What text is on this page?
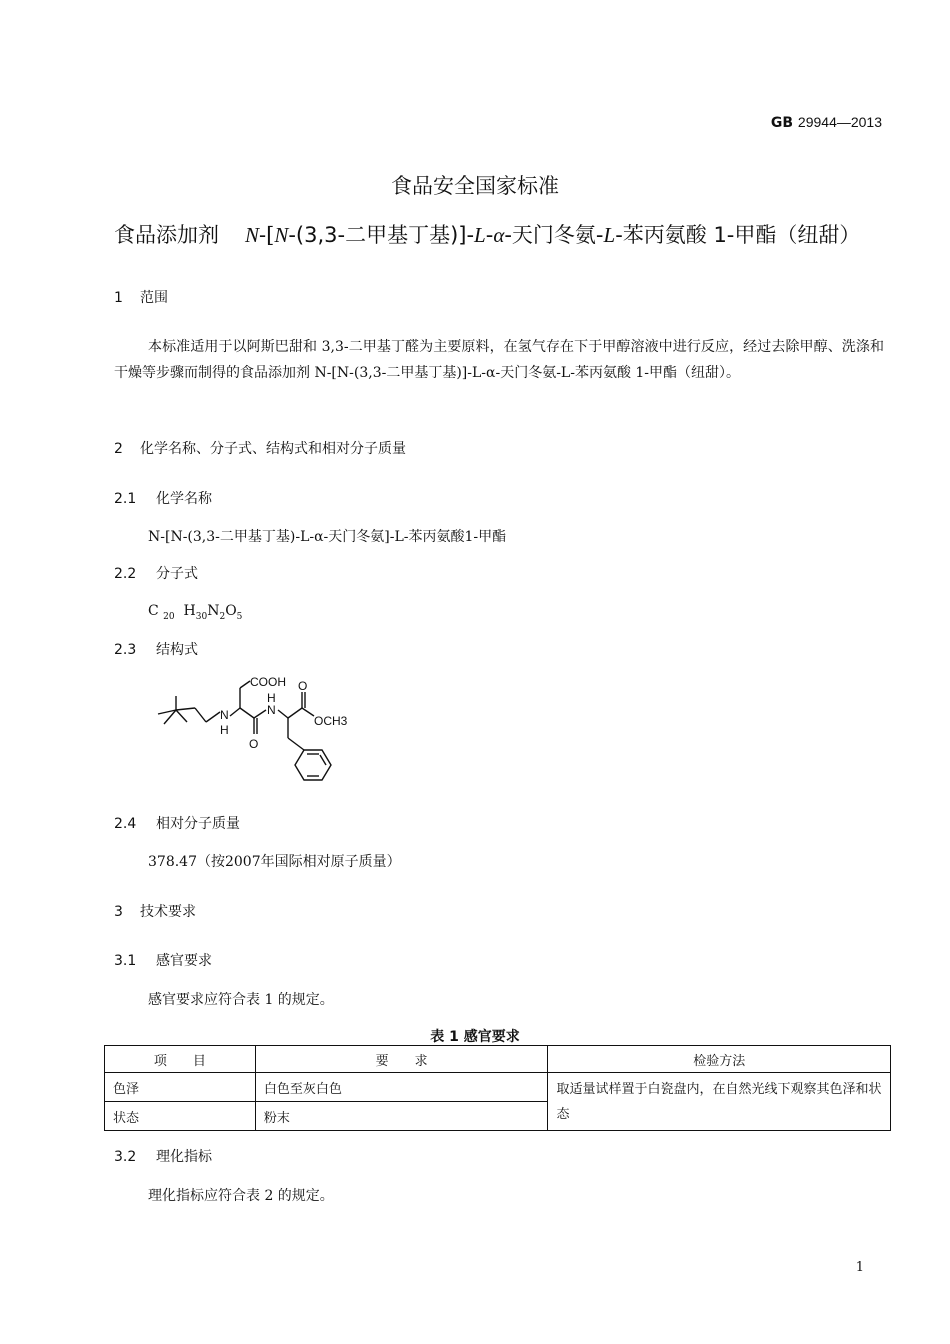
GB 29944—2013
食品安全国家标准
食品添加剂 N-[N-(3,3-二甲基丁基)]-L-α-天门冬氨-L-苯丙氨酸 1-甲酯（纽甜）
1 范围
本标准适用于以阿斯巴甜和 3,3-二甲基丁醛为主要原料，在氢气存在下于甲醇溶液中进行反应，经过去除甲醇、洗涤和干燥等步骤而制得的食品添加剂 N-[N-(3,3-二甲基丁基)]-L-α-天门冬氨-L-苯丙氨酸 1-甲酯（纽甜）。
2 化学名称、分子式、结构式和相对分子质量
2.1 化学名称
N-[N-(3,3-二甲基丁基)-L-α-天门冬氨]-L-苯丙氨酸1-甲酯
2.2 分子式
C $_{20}$ $H_{30}N_2O_5$
2.3 结构式
COOH
N
H
O
H
N
O
OCH3
2.4 相对分子质量
378.47（按2007年国际相对原子质量）
3 技术要求
3.1 感官要求
感官要求应符合表 1 的规定。
表 1 感官要求
项　　目	要　　求	检验方法
色泽	白色至灰白色	取适量试样置于白瓷盘内，在自然光线下观察其色泽和状态
状态	粉末	
3.2 理化指标
理化指标应符合表 2 的规定。
1
